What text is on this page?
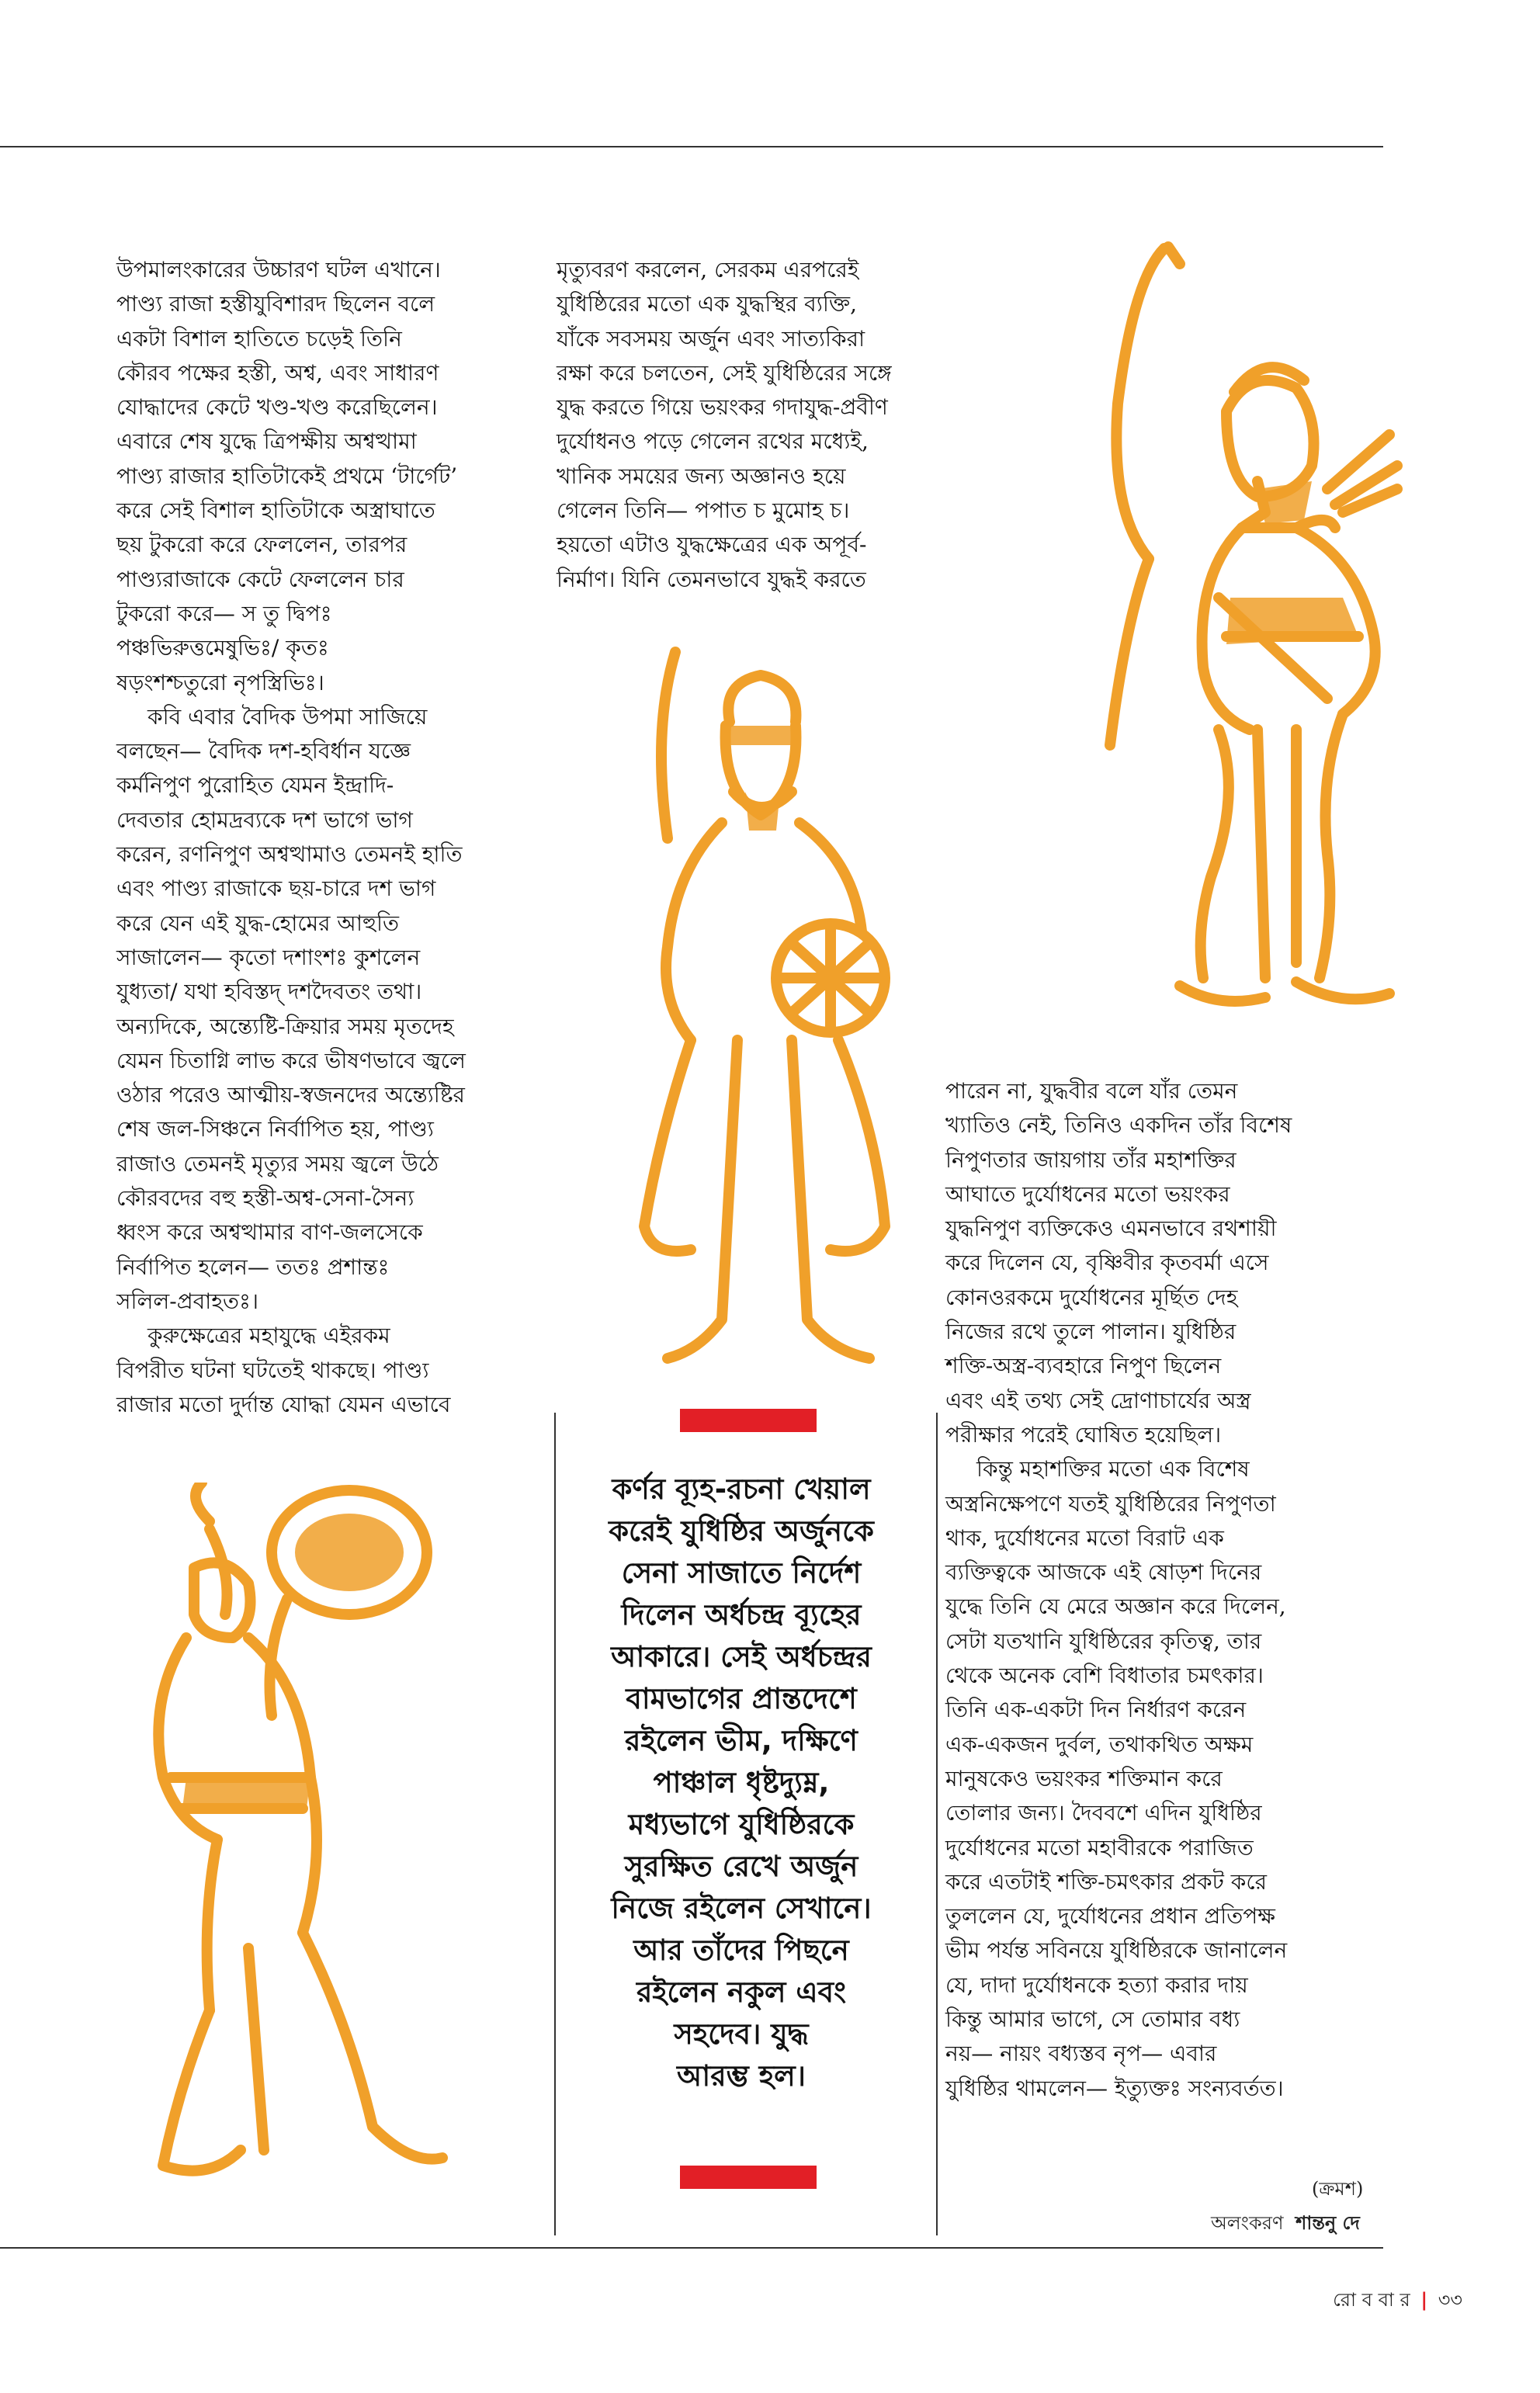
উপমালংকারের উচ্চারণ ঘটল এখানে।
পাণ্ড্য রাজা হস্তীযুবিশারদ ছিলেন বলে
একটা বিশাল হাতিতে চড়েই তিনি
কৌরব পক্ষের হস্তী, অশ্ব, এবং সাধারণ
যোদ্ধাদের কেটে খণ্ড-খণ্ড করেছিলেন।
এবারে শেষ যুদ্ধে ত্রিপক্ষীয় অশ্বত্থামা
পাণ্ড্য রাজার হাতিটাকেই প্রথমে ‘টার্গেট’
করে সেই বিশাল হাতিটাকে অস্ত্রাঘাতে
ছয় টুকরো করে ফেললেন, তারপর
পাণ্ড্যরাজাকে কেটে ফেললেন চার
টুকরো করে— স তু দ্বিপঃ
পঞ্চভিরুত্তমেষুভিঃ/ কৃতঃ
ষড়ংশশ্চতুরো নৃপস্ত্রিভিঃ।

কবি এবার বৈদিক উপমা সাজিয়ে
বলছেন— বৈদিক দশ-হবির্ধান যজ্ঞে
কর্মনিপুণ পুরোহিত যেমন ইন্দ্রাদি-
দেবতার হোমদ্রব্যকে দশ ভাগে ভাগ
করেন, রণনিপুণ অশ্বত্থামাও তেমনই হাতি
এবং পাণ্ড্য রাজাকে ছয়-চারে দশ ভাগ
করে যেন এই যুদ্ধ-হোমের আহুতি
সাজালেন— কৃতো দশাংশঃ কুশলেন
যুধ্যতা/ যথা হবিস্তদ্ দশদৈবতং তথা।
অন্যদিকে, অন্ত্যেষ্টি-ক্রিয়ার সময় মৃতদেহ
যেমন চিতাগ্নি লাভ করে ভীষণভাবে জ্বলে
ওঠার পরেও আত্মীয়-স্বজনদের অন্ত্যেষ্টির
শেষ জল-সিঞ্চনে নির্বাপিত হয়, পাণ্ড্য
রাজাও তেমনই মৃত্যুর সময় জ্বলে উঠে
কৌরবদের বহু হস্তী-অশ্ব-সেনা-সৈন্য
ধ্বংস করে অশ্বত্থামার বাণ-জলসেকে
নির্বাপিত হলেন— ততঃ প্রশান্তঃ
সলিল-প্রবাহতঃ।

কুরুক্ষেত্রের মহাযুদ্ধে এইরকম
বিপরীত ঘটনা ঘটতেই থাকছে। পাণ্ড্য
রাজার মতো দুর্দান্ত যোদ্ধা যেমন এভাবে

মৃত্যুবরণ করলেন, সেরকম এরপরেই
যুধিষ্ঠিরের মতো এক যুদ্ধস্থির ব্যক্তি,
যাঁকে সবসময় অর্জুন এবং সাত্যকিরা
রক্ষা করে চলতেন, সেই যুধিষ্ঠিরের সঙ্গে
যুদ্ধ করতে গিয়ে ভয়ংকর গদাযুদ্ধ-প্রবীণ
দুর্যোধনও পড়ে গেলেন রথের মধ্যেই,
খানিক সময়ের জন্য অজ্ঞানও হয়ে
গেলেন তিনি— পপাত চ মুমোহ চ।
হয়তো এটাও যুদ্ধক্ষেত্রের এক অপূর্ব-
নির্মাণ। যিনি তেমনভাবে যুদ্ধই করতে

পারেন না, যুদ্ধবীর বলে যাঁর তেমন
খ্যাতিও নেই, তিনিও একদিন তাঁর বিশেষ
নিপুণতার জায়গায় তাঁর মহাশক্তির
আঘাতে দুর্যোধনের মতো ভয়ংকর
যুদ্ধনিপুণ ব্যক্তিকেও এমনভাবে রথশায়ী
করে দিলেন যে, বৃষ্ণিবীর কৃতবর্মা এসে
কোনওরকমে দুর্যোধনের মূর্ছিত দেহ
নিজের রথে তুলে পালান। যুধিষ্ঠির
শক্তি-অস্ত্র-ব্যবহারে নিপুণ ছিলেন
এবং এই তথ্য সেই দ্রোণাচার্যের অস্ত্র
পরীক্ষার পরেই ঘোষিত হয়েছিল।

কিন্তু মহাশক্তির মতো এক বিশেষ
অস্ত্রনিক্ষেপণে যতই যুধিষ্ঠিরের নিপুণতা
থাক, দুর্যোধনের মতো বিরাট এক
ব্যক্তিত্বকে আজকে এই ষোড়শ দিনের
যুদ্ধে তিনি যে মেরে অজ্ঞান করে দিলেন,
সেটা যতখানি যুধিষ্ঠিরের কৃতিত্ব, তার
থেকে অনেক বেশি বিধাতার চমৎকার।
তিনি এক-একটা দিন নির্ধারণ করেন
এক-একজন দুর্বল, তথাকথিত অক্ষম
মানুষকেও ভয়ংকর শক্তিমান করে
তোলার জন্য। দৈববশে এদিন যুধিষ্ঠির
দুর্যোধনের মতো মহাবীরকে পরাজিত
করে এতটাই শক্তি-চমৎকার প্রকট করে
তুললেন যে, দুর্যোধনের প্রধান প্রতিপক্ষ
ভীম পর্যন্ত সবিনয়ে যুধিষ্ঠিরকে জানালেন
যে, দাদা দুর্যোধনকে হত্যা করার দায়
কিন্তু আমার ভাগে, সে তোমার বধ্য
নয়— নায়ং বধ্যস্তব নৃপ— এবার
যুধিষ্ঠির থামলেন— ইত্যুক্তঃ সংন্যবর্তত।

(ক্রমশ)
অলংকরণ শান্তনু দে
কর্ণর ব্যূহ-রচনা খেয়াল
করেই যুধিষ্ঠির অর্জুনকে
সেনা সাজাতে নির্দেশ
দিলেন অর্ধচন্দ্র ব্যূহের
আকারে। সেই অর্ধচন্দ্রর
বামভাগের প্রান্তদেশে
রইলেন ভীম, দক্ষিণে
পাঞ্চাল ধৃষ্টদ্যুম্ন,
মধ্যভাগে যুধিষ্ঠিরকে
সুরক্ষিত রেখে অর্জুন
নিজে রইলেন সেখানে।
আর তাঁদের পিছনে
রইলেন নকুল এবং
সহদেব। যুদ্ধ
আরম্ভ হল।
রো ব বা র | ৩৩
